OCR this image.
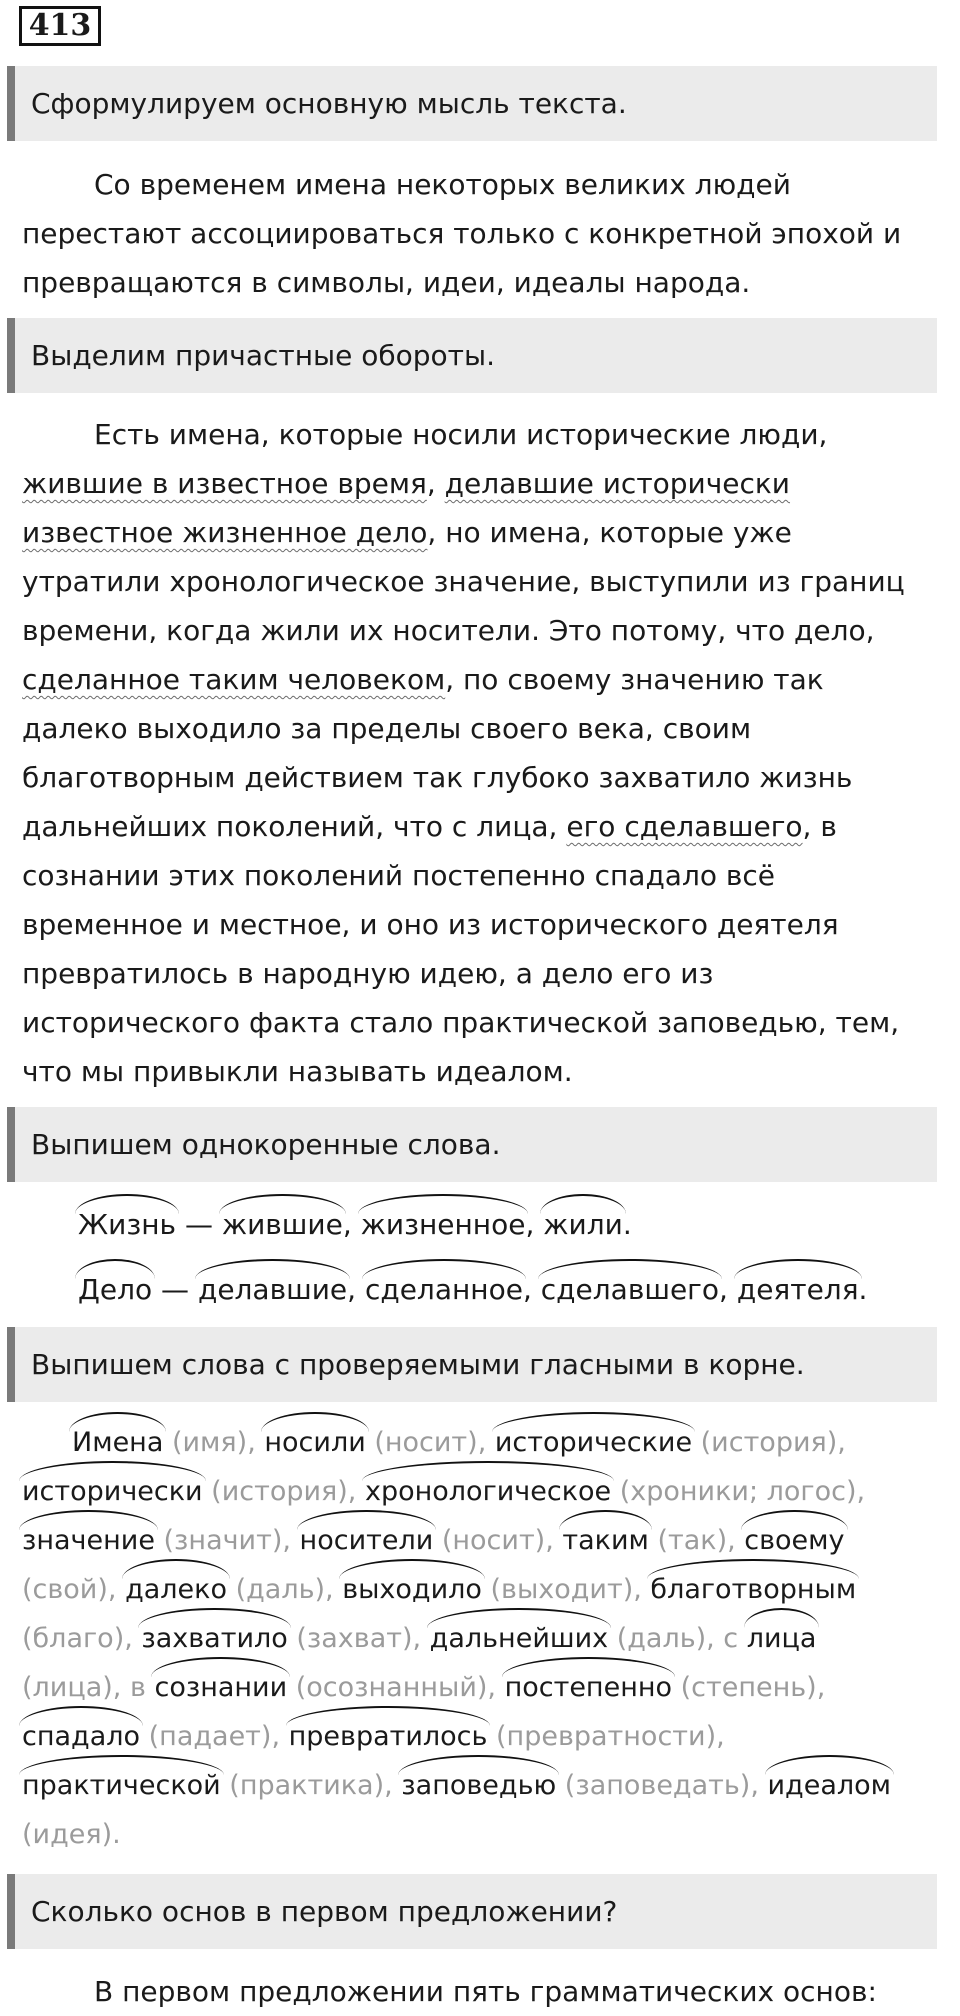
413
Сформулируем основную мысль текста.
Со временем имена некоторых великих людей перестают ассоциироваться только с конкретной эпохой и превращаются в символы, идеи, идеалы народа.
Выделим причастные обороты.
Есть имена, которые носили исторические люди,
жившие в известное время, делавшие исторически
известное жизненное дело, но имена, которые уже
утратили хронологическое значение, выступили из границ
времени, когда жили их носители. Это потому, что дело,
сделанное таким человеком, по своему значению так
далеко выходило за пределы своего века, своим
благотворным действием так глубоко захватило жизнь
дальнейших поколений, что с лица, его сделавшего, в
сознании этих поколений постепенно спадало всё
временное и местное, и оно из исторического деятеля
превратилось в народную идею, а дело его из
исторического факта стало практической заповедью, тем,
что мы привыкли называть идеалом.
Выпишем однокоренные слова.
Жизнь — жившие, жизненное, жили.
Дело — делавшие, сделанное, сделавшего, деятеля.
Выпишем слова с проверяемыми гласными в корне.
Имена (имя), носили (носит), исторические (история),
исторически (история), хронологическое (хроники; логос),
значение (значит), носители (носит), таким (так), своему
(свой), далеко (даль), выходило (выходит), благотворным
(благо), захватило (захват), дальнейших (даль), с лица
(лица), в сознании (осознанный), постепенно (степень),
спадало (падает), превратилось (превратности),
практической (практика), заповедью (заповедать), идеалом
(идея).
Сколько основ в первом предложении?
В первом предложении пять грамматических основ:
